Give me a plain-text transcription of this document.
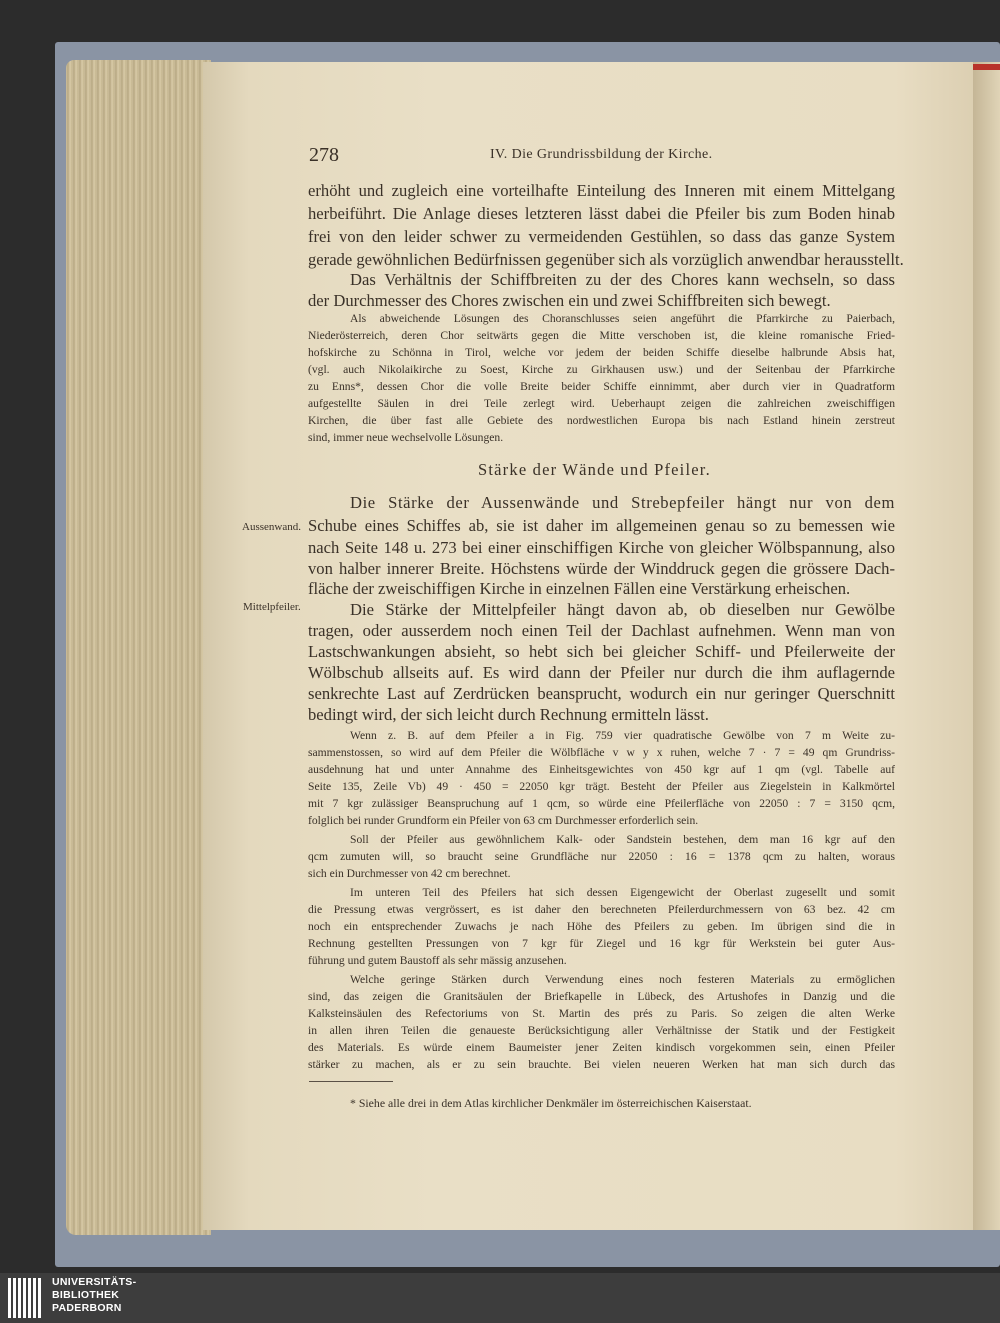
278	IV. Die Grundrissbildung der Kirche.
erhöht und zugleich eine vorteilhafte Einteilung des Inneren mit einem Mittelgang
herbeiführt. Die Anlage dieses letzteren lässt dabei die Pfeiler bis zum Boden hinab
frei von den leider schwer zu vermeidenden Gestühlen, so dass das ganze System
gerade gewöhnlichen Bedürfnissen gegenüber sich als vorzüglich anwendbar herausstellt.
Das Verhältnis der Schiffbreiten zu der des Chores kann wechseln, so dass
der Durchmesser des Chores zwischen ein und zwei Schiffbreiten sich bewegt.
Als abweichende Lösungen des Choranschlusses seien angeführt die Pfarrkirche zu Paierbach,
Niederösterreich, deren Chor seitwärts gegen die Mitte verschoben ist, die kleine romanische Fried-
hofskirche zu Schönna in Tirol, welche vor jedem der beiden Schiffe dieselbe halbrunde Absis hat,
(vgl. auch Nikolaikirche zu Soest, Kirche zu Girkhausen usw.) und der Seitenbau der Pfarrkirche
zu Enns*, dessen Chor die volle Breite beider Schiffe einnimmt, aber durch vier in Quadratform
aufgestellte Säulen in drei Teile zerlegt wird. Ueberhaupt zeigen die zahlreichen zweischiffigen
Kirchen, die über fast alle Gebiete des nordwestlichen Europa bis nach Estland hinein zerstreut
sind, immer neue wechselvolle Lösungen.
Stärke der Wände und Pfeiler.
Aussenwand.
Mittelpfeiler.
Die Stärke der Aussenwände und Strebepfeiler hängt nur von dem
Schube eines Schiffes ab, sie ist daher im allgemeinen genau so zu bemessen wie
nach Seite 148 u. 273 bei einer einschiffigen Kirche von gleicher Wölbspannung, also
von halber innerer Breite. Höchstens würde der Winddruck gegen die grössere Dach-
fläche der zweischiffigen Kirche in einzelnen Fällen eine Verstärkung erheischen.
Die Stärke der Mittelpfeiler hängt davon ab, ob dieselben nur Gewölbe
tragen, oder ausserdem noch einen Teil der Dachlast aufnehmen. Wenn man von
Lastschwankungen absieht, so hebt sich bei gleicher Schiff- und Pfeilerweite der
Wölbschub allseits auf. Es wird dann der Pfeiler nur durch die ihm auflagernde
senkrechte Last auf Zerdrücken beansprucht, wodurch ein nur geringer Querschnitt
bedingt wird, der sich leicht durch Rechnung ermitteln lässt.
Wenn z. B. auf dem Pfeiler a in Fig. 759 vier quadratische Gewölbe von 7 m Weite zu-
sammenstossen, so wird auf dem Pfeiler die Wölbfläche v w y x ruhen, welche 7 · 7 = 49 qm Grundriss-
ausdehnung hat und unter Annahme des Einheitsgewichtes von 450 kgr auf 1 qm (vgl. Tabelle auf
Seite 135, Zeile Vb) 49 · 450 = 22050 kgr trägt. Besteht der Pfeiler aus Ziegelstein in Kalkmörtel
mit 7 kgr zulässiger Beanspruchung auf 1 qcm, so würde eine Pfeilerfläche von 22050 : 7 = 3150 qcm,
folglich bei runder Grundform ein Pfeiler von 63 cm Durchmesser erforderlich sein.
Soll der Pfeiler aus gewöhnlichem Kalk- oder Sandstein bestehen, dem man 16 kgr auf den
qcm zumuten will, so braucht seine Grundfläche nur 22050 : 16 = 1378 qcm zu halten, woraus
sich ein Durchmesser von 42 cm berechnet.
Im unteren Teil des Pfeilers hat sich dessen Eigengewicht der Oberlast zugesellt und somit
die Pressung etwas vergrössert, es ist daher den berechneten Pfeilerdurchmessern von 63 bez. 42 cm
noch ein entsprechender Zuwachs je nach Höhe des Pfeilers zu geben. Im übrigen sind die in
Rechnung gestellten Pressungen von 7 kgr für Ziegel und 16 kgr für Werkstein bei guter Aus-
führung und gutem Baustoff als sehr mässig anzusehen.
Welche geringe Stärken durch Verwendung eines noch festeren Materials zu ermöglichen
sind, das zeigen die Granitsäulen der Briefkapelle in Lübeck, des Artushofes in Danzig und die
Kalksteinsäulen des Refectoriums von St. Martin des prés zu Paris. So zeigen die alten Werke
in allen ihren Teilen die genaueste Berücksichtigung aller Verhältnisse der Statik und der Festigkeit
des Materials. Es würde einem Baumeister jener Zeiten kindisch vorgekommen sein, einen Pfeiler
stärker zu machen, als er zu sein brauchte. Bei vielen neueren Werken hat man sich durch das
* Siehe alle drei in dem Atlas kirchlicher Denkmäler im österreichischen Kaiserstaat.
UNIVERSITÄTS-
BIBLIOTHEK
PADERBORN
